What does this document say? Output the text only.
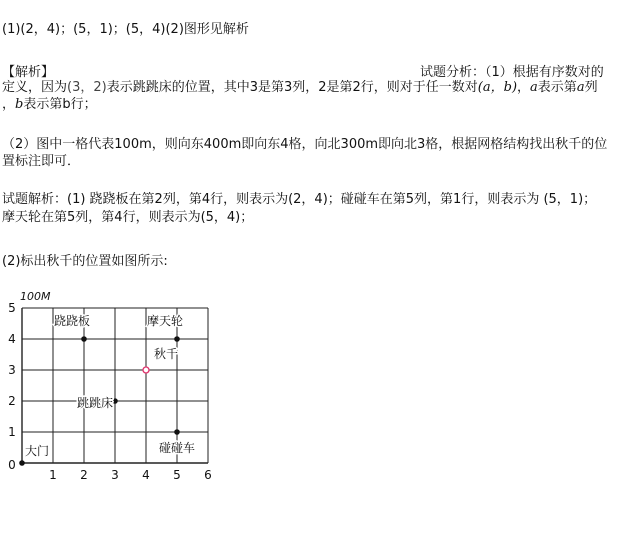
(1)(2，4)；(5，1)；(5，4)(2)图形见解析
【解析】	试题分析：（1）根据有序数对的
定义，因为(3，2)表示跳跳床的位置，其中3是第3列，2是第2行，则对于任一数对(a，b)，a表示第a列
，b表示第b行；
（2）图中一格代表100m，则向东400m即向东4格，向北300m即向北3格，根据网格结构找出秋千的位
置标注即可．
试题解析：(1) 跷跷板在第2列，第4行，则表示为(2，4)；碰碰车在第5列，第1行，则表示为 (5，1)；
摩天轮在第5列，第4行，则表示为(5，4)；
(2)标出秋千的位置如图所示:
1 2 3 4 5 6
1
2
3
4
5
0
100M
大门
跷跷板	摩天轮
秋千
跳跳床
碰碰车
